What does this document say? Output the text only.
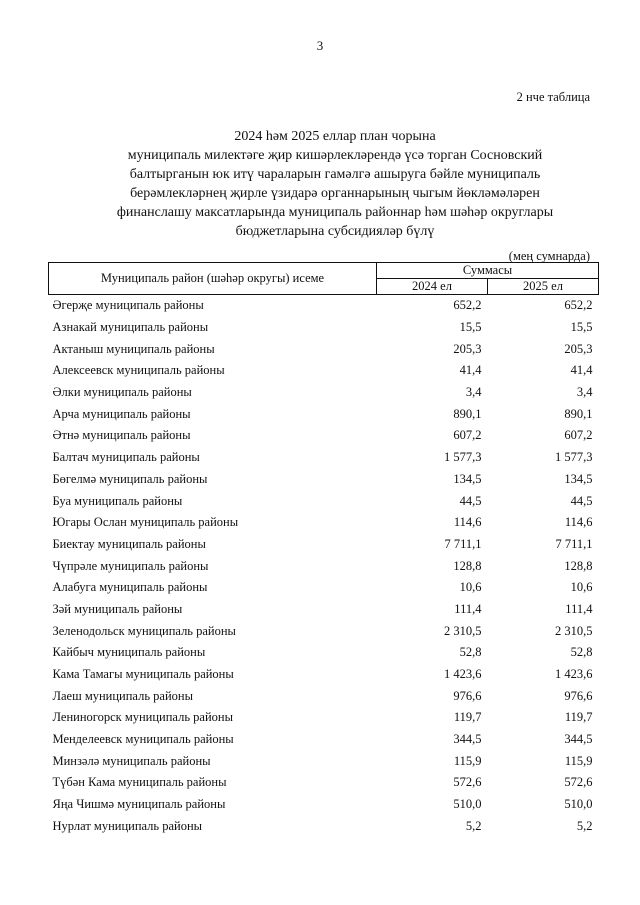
3
2 нче таблица
2024 һәм 2025 еллар план чорына
муниципаль милектәге җир кишәрлекләрендә үсә торган Сосновский
балтырганын юк итү чараларын гамәлгә ашыруга бәйле муниципаль
берәмлекләрнең җирле үзидарә органнарының чыгым йөкләмәләрен
финанслашу максатларында муниципаль районнар һәм шәһәр округлары
бюджетларына субсидияләр бүлү
(мең сумнарда)
Муниципаль район (шәһәр округы) исеме	Суммасы	
	2024 ел	2025 ел
Әгерҗе муниципаль районы	652,2	652,2
Азнакай муниципаль районы	15,5	15,5
Актаныш муниципаль районы	205,3	205,3
Алексеевск муниципаль районы	41,4	41,4
Әлки муниципаль районы	3,4	3,4
Арча муниципаль районы	890,1	890,1
Әтнә муниципаль районы	607,2	607,2
Балтач муниципаль районы	1 577,3	1 577,3
Бөгелмә муниципаль районы	134,5	134,5
Буа муниципаль районы	44,5	44,5
Югары Ослан муниципаль районы	114,6	114,6
Биектау муниципаль районы	7 711,1	7 711,1
Чүпрәле муниципаль районы	128,8	128,8
Алабуга муниципаль районы	10,6	10,6
Зәй муниципаль районы	111,4	111,4
Зеленодольск муниципаль районы	2 310,5	2 310,5
Кайбыч муниципаль районы	52,8	52,8
Кама Тамагы муниципаль районы	1 423,6	1 423,6
Лаеш муниципаль районы	976,6	976,6
Лениногорск муниципаль районы	119,7	119,7
Менделеевск муниципаль районы	344,5	344,5
Минзәлә муниципаль районы	115,9	115,9
Түбән Кама муниципаль районы	572,6	572,6
Яңа Чишмә муниципаль районы	510,0	510,0
Нурлат муниципаль районы	5,2	5,2
